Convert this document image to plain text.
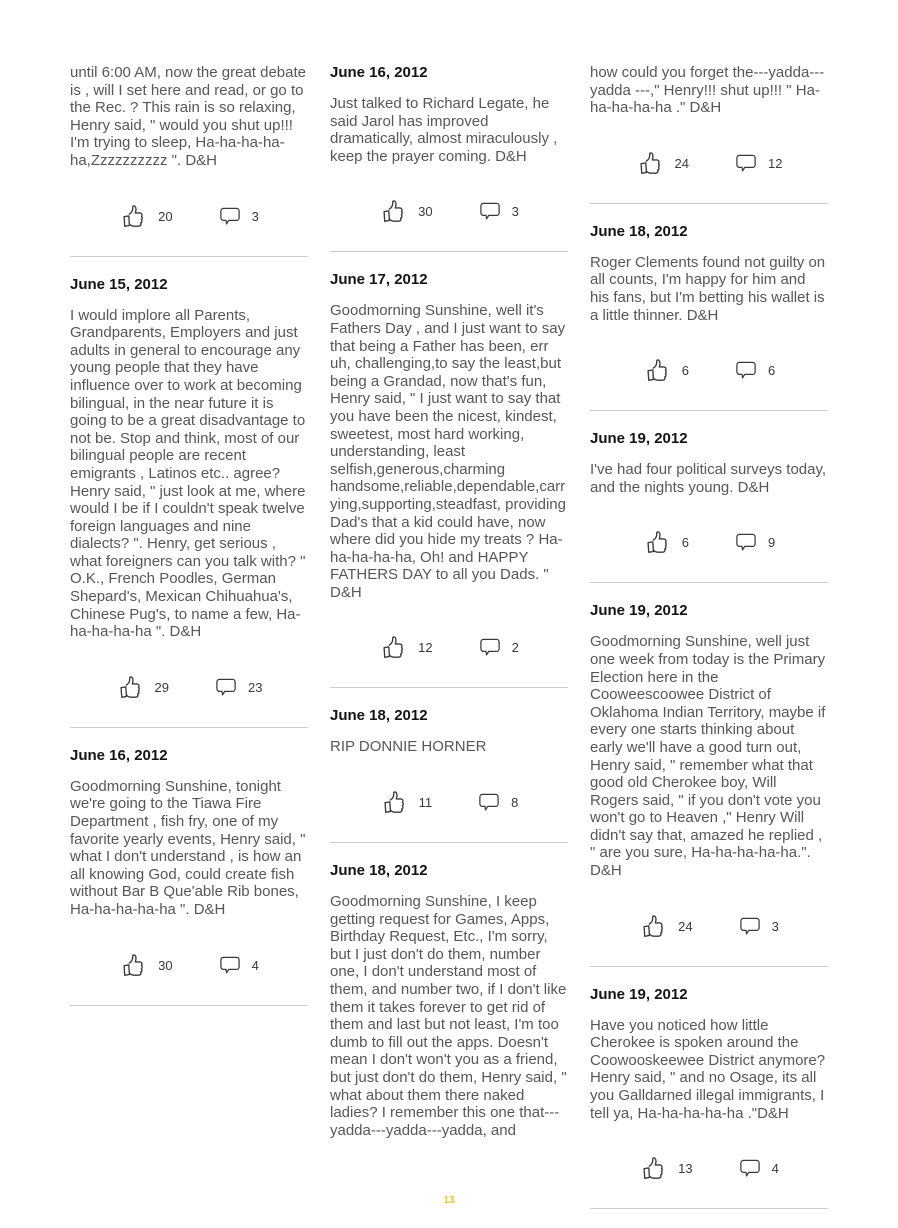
until 6:00 AM, now the great debate is , will I set here and read, or go to the Rec. ? This rain is so relaxing, Henry said, " would you shut up!!! I'm trying to sleep, Ha-ha-ha-ha- ha,Zzzzzzzzzz ". D&H

20	3
June 15, 2012

I would implore all Parents, Grandparents, Employers and just adults in general to encourage any young people that they have influence over to work at becoming bilingual, in the near future it is going to be a great disadvantage to not be. Stop and think, most of our bilingual people are recent emigrants , Latinos etc.. agree? Henry said, " just look at me, where would I be if I couldn't speak twelve foreign languages and nine dialects? ". Henry, get serious , what foreigners can you talk with? " O.K., French Poodles, German Shepard's, Mexican Chihuahua's, Chinese Pug's, to name a few, Ha-ha-ha-ha-ha ". D&H

29	23
June 16, 2012

Goodmorning Sunshine, tonight we're going to the Tiawa Fire Department , fish fry, one of my favorite yearly events, Henry said, " what I don't understand , is how an all knowing God, could create fish without Bar B Que'able Rib bones, Ha-ha-ha-ha-ha ". D&H

30	4
June 16, 2012

Just talked to Richard Legate, he said Jarol has improved dramatically, almost miraculously , keep the prayer coming. D&H

30	3
June 17, 2012

Goodmorning Sunshine, well it's Fathers Day , and I just want to say that being a Father has been, err uh, challenging,to say the least,but being a Grandad, now that's fun, Henry said, " I just want to say that you have been the nicest, kindest, sweetest, most hard working, understanding, least selfish,generous,charming handsome,reliable,dependable,carrying,supporting,steadfast, providing Dad's that a kid could have, now where did you hide my treats ? Ha-ha-ha-ha-ha, Oh! and HAPPY FATHERS DAY to all you Dads. " D&H

12	2
June 18, 2012

RIP DONNIE HORNER

11	8
June 18, 2012

Goodmorning Sunshine, I keep getting request for Games, Apps, Birthday Request, Etc., I'm sorry, but I just don't do them, number one, I don't understand most of them, and number two, if I don't like them it takes forever to get rid of them and last but not least, I'm too dumb to fill out the apps. Doesn't mean I don't won't you as a friend, but just don't do them, Henry said, " what about them there naked ladies? I remember this one that---yadda---yadda---yadda, and

how could you forget the---yadda---yadda ---," Henry!!! shut up!!! " Ha-ha-ha-ha-ha ." D&H

24	12
June 18, 2012

Roger Clements found not guilty on all counts, I'm happy for him and his fans, but I'm betting his wallet is a little thinner. D&H

6	6
June 19, 2012

I've had four political surveys today, and the nights young. D&H

6	9
June 19, 2012

Goodmorning Sunshine, well just one week from today is the Primary Election here in the Cooweescoowee District of Oklahoma Indian Territory, maybe if every one starts thinking about early we'll have a good turn out, Henry said, " remember what that good old Cherokee boy, Will Rogers said, " if you don't vote you won't go to Heaven ," Henry Will didn't say that, amazed he replied , " are you sure, Ha-ha-ha-ha-ha.". D&H

24	3
June 19, 2012

Have you noticed how little Cherokee is spoken around the Coowooskeewee District anymore? Henry said, " and no Osage, its all you Galldarned illegal immigrants, I tell ya, Ha-ha-ha-ha-ha ."D&H

13	4
13
